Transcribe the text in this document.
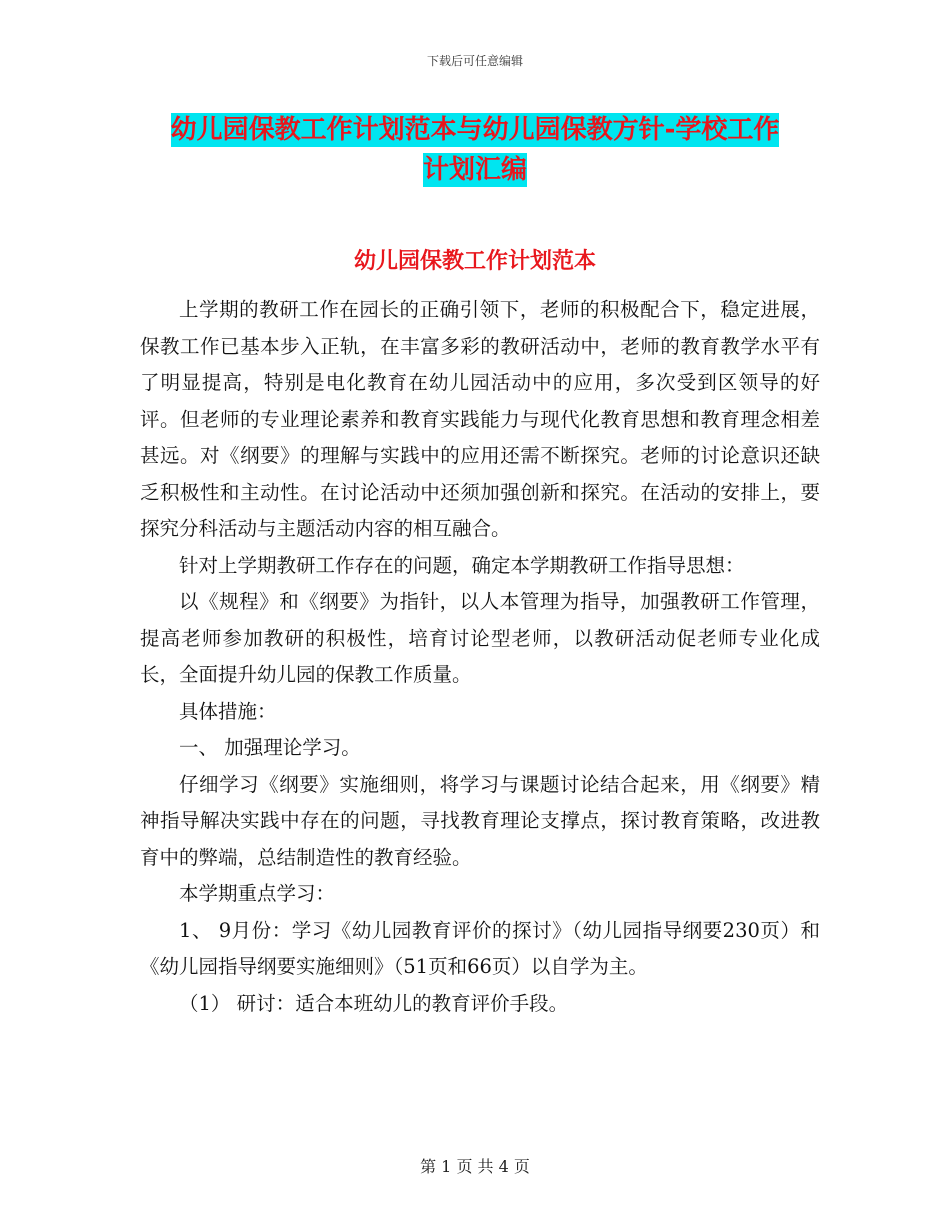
下载后可任意编辑
幼儿园保教工作计划范本与幼儿园保教方针-学校工作
计划汇编
幼儿园保教工作计划范本

上学期的教研工作在园长的正确引领下，老师的积极配合下，稳定进展，保教工作已基本步入正轨，在丰富多彩的教研活动中，老师的教育教学水平有了明显提高，特别是电化教育在幼儿园活动中的应用，多次受到区领导的好评。但老师的专业理论素养和教育实践能力与现代化教育思想和教育理念相差甚远。对《纲要》的理解与实践中的应用还需不断探究。老师的讨论意识还缺乏积极性和主动性。在讨论活动中还须加强创新和探究。在活动的安排上，要探究分科活动与主题活动内容的相互融合。

针对上学期教研工作存在的问题，确定本学期教研工作指导思想：

以《规程》和《纲要》为指针，以人本管理为指导，加强教研工作管理，提高老师参加教研的积极性，培育讨论型老师，以教研活动促老师专业化成长，全面提升幼儿园的保教工作质量。

具体措施：

一、 加强理论学习。

仔细学习《纲要》实施细则，将学习与课题讨论结合起来，用《纲要》精神指导解决实践中存在的问题，寻找教育理论支撑点，探讨教育策略，改进教育中的弊端，总结制造性的教育经验。

本学期重点学习：

1、 9月份：学习《幼儿园教育评价的探讨》（幼儿园指导纲要230页）和《幼儿园指导纲要实施细则》（51页和66页）以自学为主。

（1） 研讨：适合本班幼儿的教育评价手段。

第 1 页 共 4 页
